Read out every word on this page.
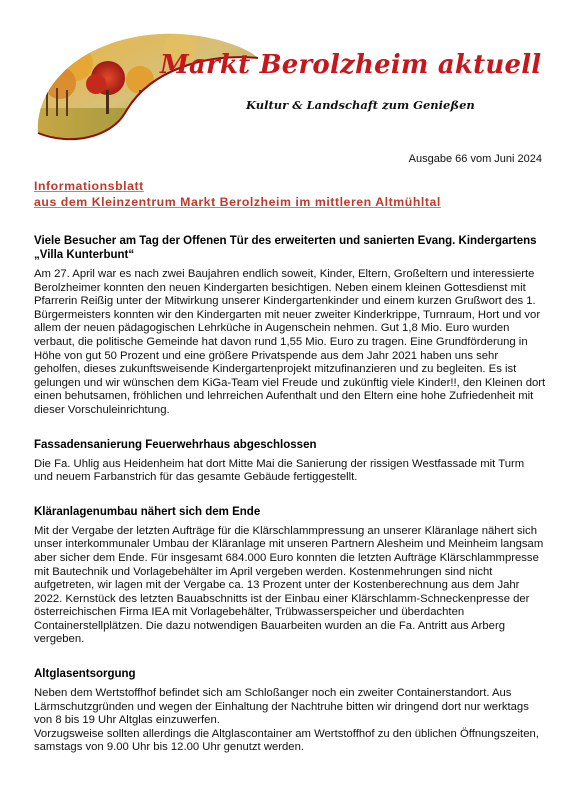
Markt Berolzheim aktuell
Kultur & Landschaft zum Genießen
Ausgabe 66 vom Juni 2024
Informationsblatt
aus dem Kleinzentrum Markt Berolzheim im mittleren Altmühltal
Viele Besucher am Tag der Offenen Tür des erweiterten und sanierten Evang. Kindergartens „Villa Kunterbunt“

Am 27. April war es nach zwei Baujahren endlich soweit, Kinder, Eltern, Großeltern und interessierte Berolzheimer konnten den neuen Kindergarten besichtigen. Neben einem kleinen Gottesdienst mit Pfarrerin Reißig unter der Mitwirkung unserer Kindergartenkinder und einem kurzen Grußwort des 1. Bürgermeisters konnten wir den Kindergarten mit neuer zweiter Kinderkrippe, Turnraum, Hort und vor allem der neuen pädagogischen Lehrküche in Augenschein nehmen. Gut 1,8 Mio. Euro wurden verbaut, die politische Gemeinde hat davon rund 1,55 Mio. Euro zu tragen. Eine Grundförderung in Höhe von gut 50 Prozent und eine größere Privatspende aus dem Jahr 2021 haben uns sehr geholfen, dieses zukunftsweisende Kindergartenprojekt mitzufinanzieren und zu begleiten. Es ist gelungen und wir wünschen dem KiGa-Team viel Freude und zukünftig viele Kinder!!, den Kleinen dort einen behutsamen, fröhlichen und lehrreichen Aufenthalt und den Eltern eine hohe Zufriedenheit mit dieser Vorschuleinrichtung.

Fassadensanierung Feuerwehrhaus abgeschlossen

Die Fa. Uhlig aus Heidenheim hat dort Mitte Mai die Sanierung der rissigen Westfassade mit Turm und neuem Farbanstrich für das gesamte Gebäude fertiggestellt.

Kläranlagenumbau nähert sich dem Ende

Mit der Vergabe der letzten Aufträge für die Klärschlammpressung an unserer Kläranlage nähert sich unser interkommunaler Umbau der Kläranlage mit unseren Partnern Alesheim und Meinheim langsam aber sicher dem Ende. Für insgesamt 684.000 Euro konnten die letzten Aufträge Klärschlammpresse mit Bautechnik und Vorlagebehälter im April vergeben werden. Kostenmehrungen sind nicht aufgetreten, wir lagen mit der Vergabe ca. 13 Prozent unter der Kostenberechnung aus dem Jahr 2022. Kernstück des letzten Bauabschnitts ist der Einbau einer Klärschlamm-Schneckenpresse der österreichischen Firma IEA mit Vorlagebehälter, Trübwasserspeicher und überdachten Containerstellplätzen. Die dazu notwendigen Bauarbeiten wurden an die Fa. Antritt aus Arberg vergeben.

Altglasentsorgung

Neben dem Wertstoffhof befindet sich am Schloßanger noch ein zweiter Containerstandort. Aus Lärmschutzgründen und wegen der Einhaltung der Nachtruhe bitten wir dringend dort nur werktags von 8 bis 19 Uhr Altglas einzuwerfen.

Vorzugsweise sollten allerdings die Altglascontainer am Wertstoffhof zu den üblichen Öffnungszeiten, samstags von 9.00 Uhr bis 12.00 Uhr genutzt werden.
